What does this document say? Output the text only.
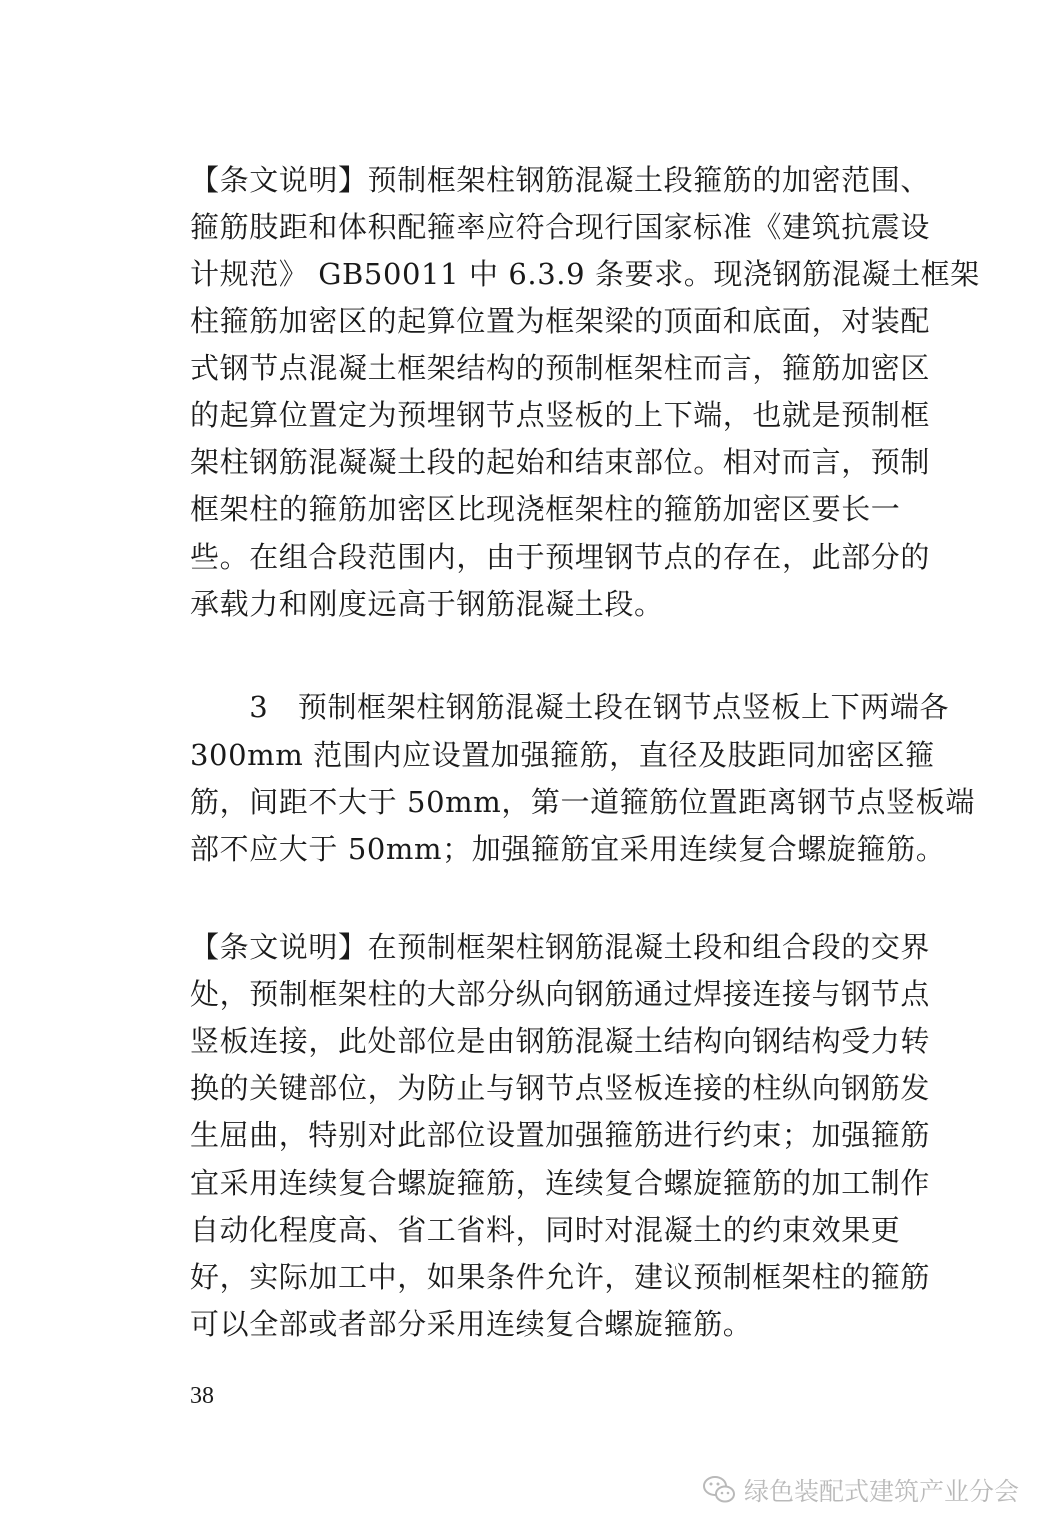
【条文说明】预制框架柱钢筋混凝土段箍筋的加密范围、
箍筋肢距和体积配箍率应符合现行国家标准《建筑抗震设
计规范》 GB50011 中 6.3.9 条要求。现浇钢筋混凝土框架
柱箍筋加密区的起算位置为框架梁的顶面和底面，对装配
式钢节点混凝土框架结构的预制框架柱而言，箍筋加密区
的起算位置定为预埋钢节点竖板的上下端，也就是预制框
架柱钢筋混凝凝土段的起始和结束部位。相对而言，预制
框架柱的箍筋加密区比现浇框架柱的箍筋加密区要长一
些。在组合段范围内，由于预埋钢节点的存在，此部分的
承载力和刚度远高于钢筋混凝土段。
　　3　预制框架柱钢筋混凝土段在钢节点竖板上下两端各
300mm 范围内应设置加强箍筋，直径及肢距同加密区箍
筋，间距不大于 50mm，第一道箍筋位置距离钢节点竖板端
部不应大于 50mm；加强箍筋宜采用连续复合螺旋箍筋。
【条文说明】在预制框架柱钢筋混凝土段和组合段的交界
处，预制框架柱的大部分纵向钢筋通过焊接连接与钢节点
竖板连接，此处部位是由钢筋混凝土结构向钢结构受力转
换的关键部位，为防止与钢节点竖板连接的柱纵向钢筋发
生屈曲，特别对此部位设置加强箍筋进行约束；加强箍筋
宜采用连续复合螺旋箍筋，连续复合螺旋箍筋的加工制作
自动化程度高、省工省料，同时对混凝土的约束效果更
好，实际加工中，如果条件允许，建议预制框架柱的箍筋
可以全部或者部分采用连续复合螺旋箍筋。
38
绿色装配式建筑产业分会
